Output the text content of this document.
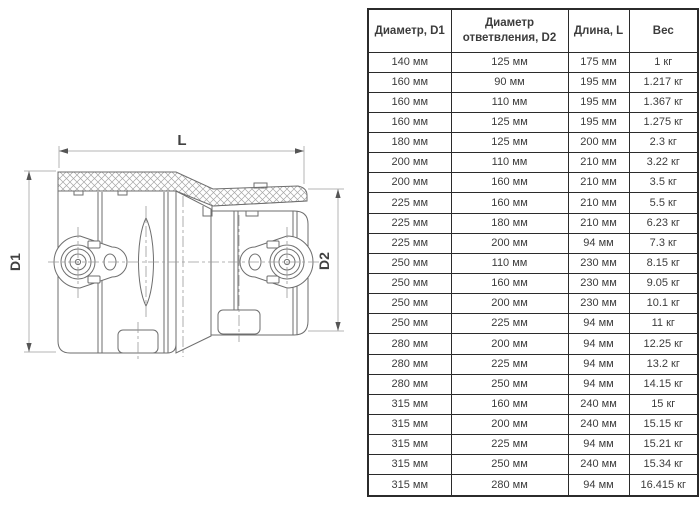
L
D1	D2
Диаметр, D1	Диаметр ответвления, D2	Длина, L	Вес
140 мм	125 мм	175 мм	1 кг
160 мм	90 мм	195 мм	1.217 кг
160 мм	110 мм	195 мм	1.367 кг
160 мм	125 мм	195 мм	1.275 кг
180 мм	125 мм	200 мм	2.3 кг
200 мм	110 мм	210 мм	3.22 кг
200 мм	160 мм	210 мм	3.5 кг
225 мм	160 мм	210 мм	5.5 кг
225 мм	180 мм	210 мм	6.23 кг
225 мм	200 мм	94 мм	7.3 кг
250 мм	110 мм	230 мм	8.15 кг
250 мм	160 мм	230 мм	9.05 кг
250 мм	200 мм	230 мм	10.1 кг
250 мм	225 мм	94 мм	11 кг
280 мм	200 мм	94 мм	12.25 кг
280 мм	225 мм	94 мм	13.2 кг
280 мм	250 мм	94 мм	14.15 кг
315 мм	160 мм	240 мм	15 кг
315 мм	200 мм	240 мм	15.15 кг
315 мм	225 мм	94 мм	15.21 кг
315 мм	250 мм	240 мм	15.34 кг
315 мм	280 мм	94 мм	16.415 кг
